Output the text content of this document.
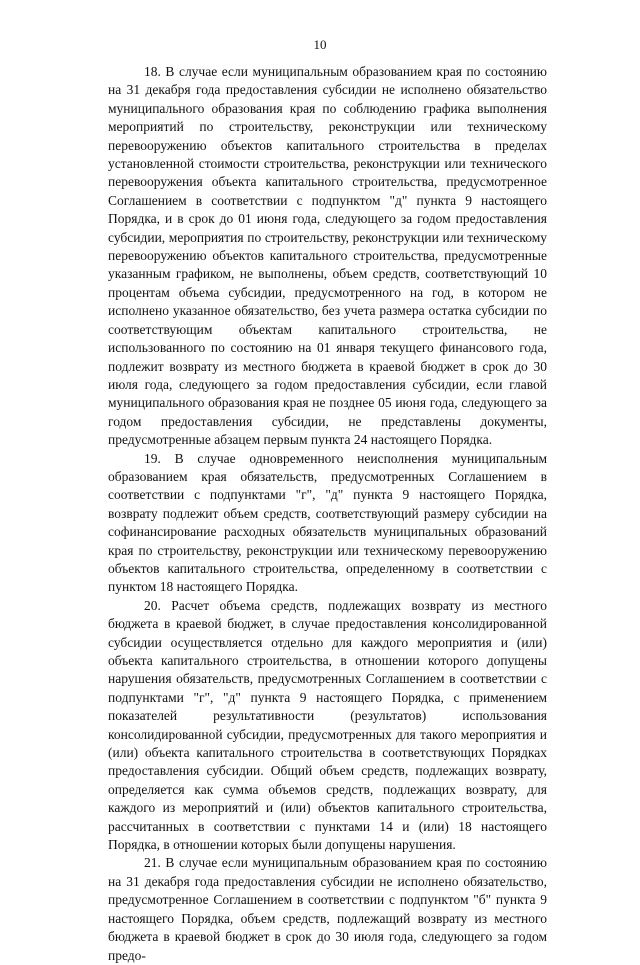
10

18. В случае если муниципальным образованием края по состоянию на 31 декабря года предоставления субсидии не исполнено обязательство муниципального образования края по соблюдению графика выполнения мероприятий по строительству, реконструкции или техническому перевооружению объектов капитального строительства в пределах установленной стоимости строительства, реконструкции или технического перевооружения объекта капитального строительства, предусмотренное Соглашением в соответствии с подпунктом "д" пункта 9 настоящего Порядка, и в срок до 01 июня года, следующего за годом предоставления субсидии, мероприятия по строительству, реконструкции или техническому перевооружению объектов капитального строительства, предусмотренные указанным графиком, не выполнены, объем средств, соответствующий 10 процентам объема субсидии, предусмотренного на год, в котором не исполнено указанное обязательство, без учета размера остатка субсидии по соответствующим объектам капитального строительства, не использованного по состоянию на 01 января текущего финансового года, подлежит возврату из местного бюджета в краевой бюджет в срок до 30 июля года, следующего за годом предоставления субсидии, если главой муниципального образования края не позднее 05 июня года, следующего за годом предоставления субсидии, не представлены документы, предусмотренные абзацем первым пункта 24 настоящего Порядка.

19. В случае одновременного неисполнения муниципальным образованием края обязательств, предусмотренных Соглашением в соответствии с подпунктами "г", "д" пункта 9 настоящего Порядка, возврату подлежит объем средств, соответствующий размеру субсидии на софинансирование расходных обязательств муниципальных образований края по строительству, реконструкции или техническому перевооружению объектов капитального строительства, определенному в соответствии с пунктом 18 настоящего Порядка.

20. Расчет объема средств, подлежащих возврату из местного бюджета в краевой бюджет, в случае предоставления консолидированной субсидии осуществляется отдельно для каждого мероприятия и (или) объекта капитального строительства, в отношении которого допущены нарушения обязательств, предусмотренных Соглашением в соответствии с подпунктами "г", "д" пункта 9 настоящего Порядка, с применением показателей результативности (результатов) использования консолидированной субсидии, предусмотренных для такого мероприятия и (или) объекта капитального строительства в соответствующих Порядках предоставления субсидии. Общий объем средств, подлежащих возврату, определяется как сумма объемов средств, подлежащих возврату, для каждого из мероприятий и (или) объектов капитального строительства, рассчитанных в соответствии с пунктами 14 и (или) 18 настоящего Порядка, в отношении которых были допущены нарушения.

21. В случае если муниципальным образованием края по состоянию на 31 декабря года предоставления субсидии не исполнено обязательство, предусмотренное Соглашением в соответствии с подпунктом "б" пункта 9 настоящего Порядка, объем средств, подлежащий возврату из местного бюджета в краевой бюджет в срок до 30 июля года, следующего за годом предо-
